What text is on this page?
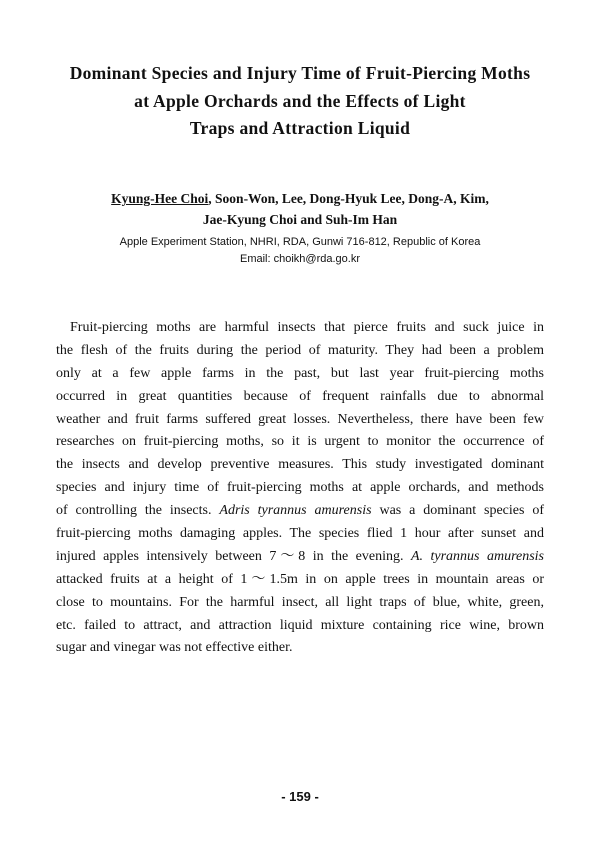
Dominant Species and Injury Time of Fruit-Piercing Moths
at Apple Orchards and the Effects of Light
Traps and Attraction Liquid
Kyung-Hee Choi, Soon-Won, Lee, Dong-Hyuk Lee, Dong-A, Kim,
Jae-Kyung Choi and Suh-Im Han
Apple Experiment Station, NHRI, RDA, Gunwi 716-812, Republic of Korea
Email: choikh@rda.go.kr
Fruit-piercing moths are harmful insects that pierce fruits and suck juice in
the flesh of the fruits during the period of maturity. They had been a problem
only at a few apple farms in the past, but last year fruit-piercing moths
occurred in great quantities because of frequent rainfalls due to abnormal
weather and fruit farms suffered great losses. Nevertheless, there have been few
researches on fruit-piercing moths, so it is urgent to monitor the occurrence of
the insects and develop preventive measures. This study investigated dominant
species and injury time of fruit-piercing moths at apple orchards, and methods
of controlling the insects. Adris tyrannus amurensis was a dominant species of
fruit-piercing moths damaging apples. The species flied 1 hour after sunset and
injured apples intensively between 7～8 in the evening. A. tyrannus amurensis
attacked fruits at a height of 1～1.5m in on apple trees in mountain areas or
close to mountains. For the harmful insect, all light traps of blue, white, green,
etc. failed to attract, and attraction liquid mixture containing rice wine, brown
sugar and vinegar was not effective either.
- 159 -
